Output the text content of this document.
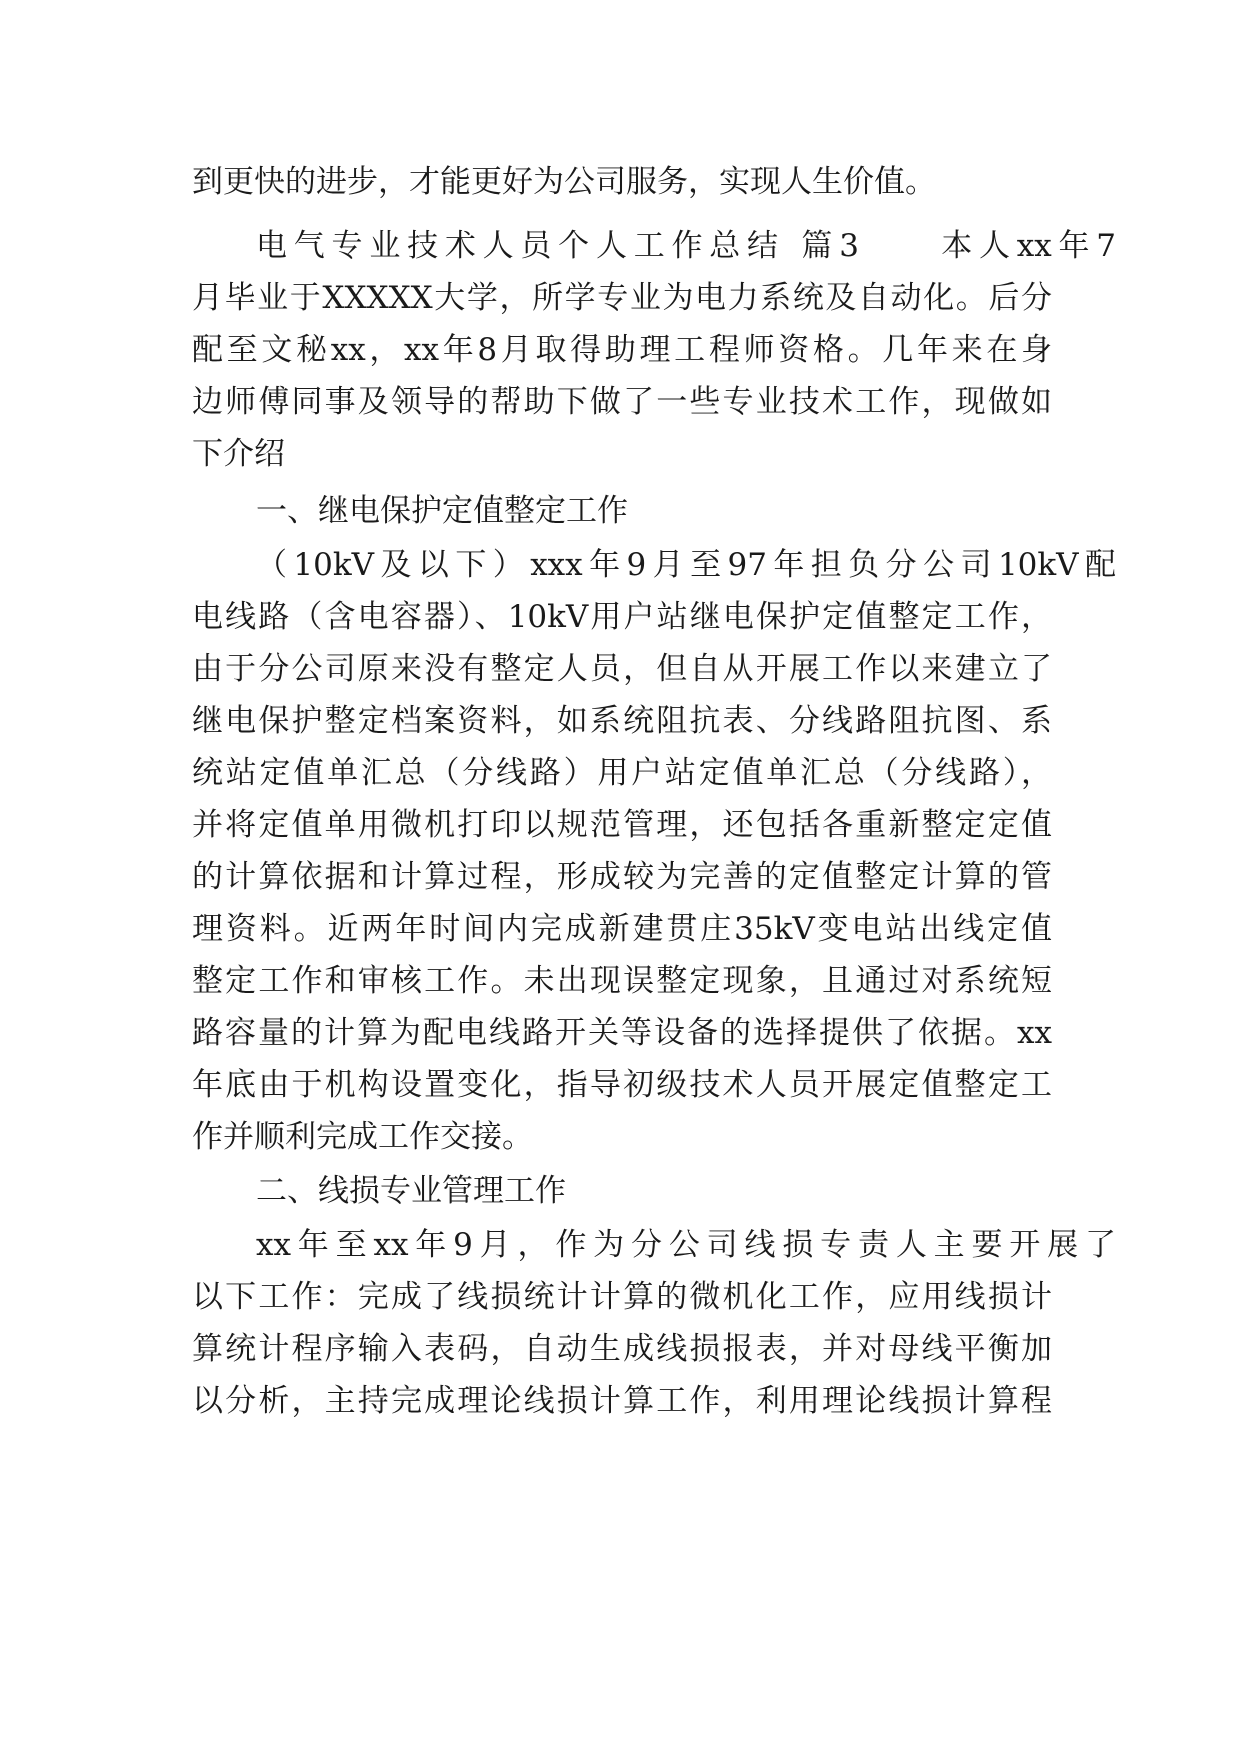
到更快的进步，才能更好为公司服务，实现人生价值。
电气专业技术人员个人工作总结 篇3　　本人xx年7
月毕业于XXXXX大学，所学专业为电力系统及自动化。后分
配至文秘xx，xx年8月取得助理工程师资格。几年来在身
边师傅同事及领导的帮助下做了一些专业技术工作，现做如
下介绍
一、继电保护定值整定工作
（10kV及以下）xxx年9月至97年担负分公司10kV配
电线路（含电容器）、10kV用户站继电保护定值整定工作，
由于分公司原来没有整定人员，但自从开展工作以来建立了
继电保护整定档案资料，如系统阻抗表、分线路阻抗图、系
统站定值单汇总（分线路）用户站定值单汇总（分线路），
并将定值单用微机打印以规范管理，还包括各重新整定定值
的计算依据和计算过程，形成较为完善的定值整定计算的管
理资料。近两年时间内完成新建贯庄35kV变电站出线定值
整定工作和审核工作。未出现误整定现象，且通过对系统短
路容量的计算为配电线路开关等设备的选择提供了依据。xx
年底由于机构设置变化，指导初级技术人员开展定值整定工
作并顺利完成工作交接。
二、线损专业管理工作
xx年至xx年9月，作为分公司线损专责人主要开展了
以下工作：完成了线损统计计算的微机化工作，应用线损计
算统计程序输入表码，自动生成线损报表，并对母线平衡加
以分析，主持完成理论线损计算工作，利用理论线损计算程
